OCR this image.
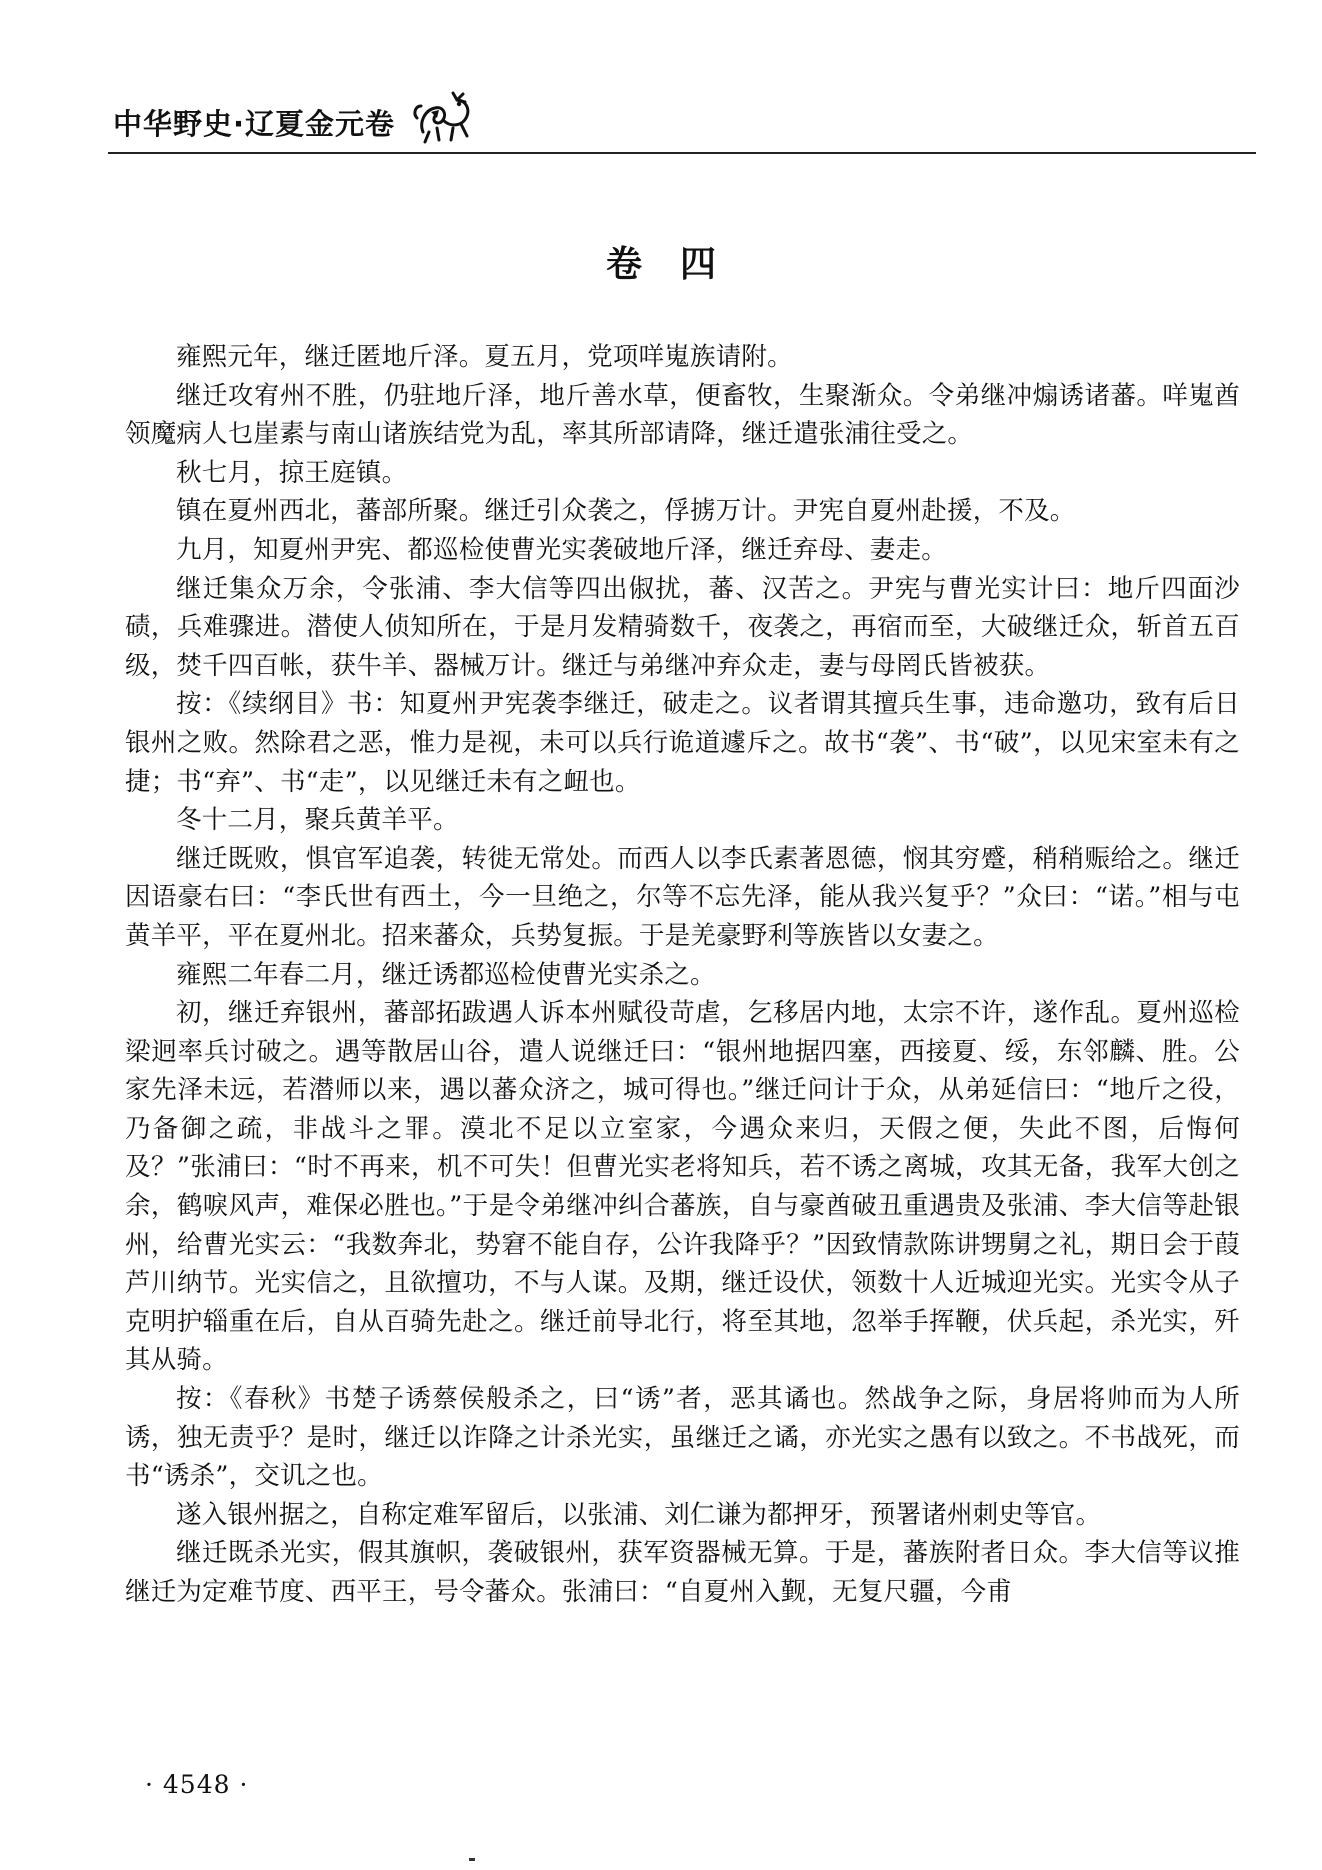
中华野史·辽夏金元卷
卷四

雍熙元年，继迁匿地斤泽。夏五月，党项咩嵬族请附。

继迁攻宥州不胜，仍驻地斤泽，地斤善水草，便畜牧，生聚渐众。令弟继冲煽诱诸蕃。咩嵬酋领魔病人乜崖素与南山诸族结党为乱，率其所部请降，继迁遣张浦往受之。

秋七月，掠王庭镇。

镇在夏州西北，蕃部所聚。继迁引众袭之，俘掳万计。尹宪自夏州赴援，不及。

九月，知夏州尹宪、都巡检使曹光实袭破地斤泽，继迁弃母、妻走。

继迁集众万余，令张浦、李大信等四出俶扰，蕃、汉苦之。尹宪与曹光实计曰：地斤四面沙碛，兵难骤进。潜使人侦知所在，于是月发精骑数千，夜袭之，再宿而至，大破继迁众，斩首五百级，焚千四百帐，获牛羊、器械万计。继迁与弟继冲弃众走，妻与母罔氏皆被获。

按：《续纲目》书：知夏州尹宪袭李继迁，破走之。议者谓其擅兵生事，违命邀功，致有后日银州之败。然除君之恶，惟力是视，未可以兵行诡道遽斥之。故书“袭”、书“破”，以见宋室未有之捷；书“弃”、书“走”，以见继迁未有之衄也。

冬十二月，聚兵黄羊平。

继迁既败，惧官军追袭，转徙无常处。而西人以李氏素著恩德，悯其穷蹙，稍稍赈给之。继迁因语豪右曰：“李氏世有西土，今一旦绝之，尔等不忘先泽，能从我兴复乎？”众曰：“诺。”相与屯黄羊平，平在夏州北。招来蕃众，兵势复振。于是羌豪野利等族皆以女妻之。

雍熙二年春二月，继迁诱都巡检使曹光实杀之。

初，继迁弃银州，蕃部拓跋遇人诉本州赋役苛虐，乞移居内地，太宗不许，遂作乱。夏州巡检梁迥率兵讨破之。遇等散居山谷，遣人说继迁曰：“银州地据四塞，西接夏、绥，东邻麟、胜。公家先泽未远，若潜师以来，遇以蕃众济之，城可得也。”继迁问计于众，从弟延信曰：“地斤之役，乃备御之疏，非战斗之罪。漠北不足以立室家，今遇众来归，天假之便，失此不图，后悔何及？”张浦曰：“时不再来，机不可失！但曹光实老将知兵，若不诱之离城，攻其无备，我军大创之余，鹤唳风声，难保必胜也。”于是令弟继冲纠合蕃族，自与豪酋破丑重遇贵及张浦、李大信等赴银州，给曹光实云：“我数奔北，势窘不能自存，公许我降乎？”因致情款陈讲甥舅之礼，期日会于葭芦川纳节。光实信之，且欲擅功，不与人谋。及期，继迁设伏，领数十人近城迎光实。光实令从子克明护辎重在后，自从百骑先赴之。继迁前导北行，将至其地，忽举手挥鞭，伏兵起，杀光实，歼其从骑。

按：《春秋》书楚子诱蔡侯般杀之，曰“诱”者，恶其谲也。然战争之际，身居将帅而为人所诱，独无责乎？是时，继迁以诈降之计杀光实，虽继迁之谲，亦光实之愚有以致之。不书战死，而书“诱杀”，交讥之也。

遂入银州据之，自称定难军留后，以张浦、刘仁谦为都押牙，预署诸州刺史等官。

继迁既杀光实，假其旗帜，袭破银州，获军资器械无算。于是，蕃族附者日众。李大信等议推继迁为定难节度、西平王，号令蕃众。张浦曰：“自夏州入觐，无复尺疆，今甫

· 4548 ·
